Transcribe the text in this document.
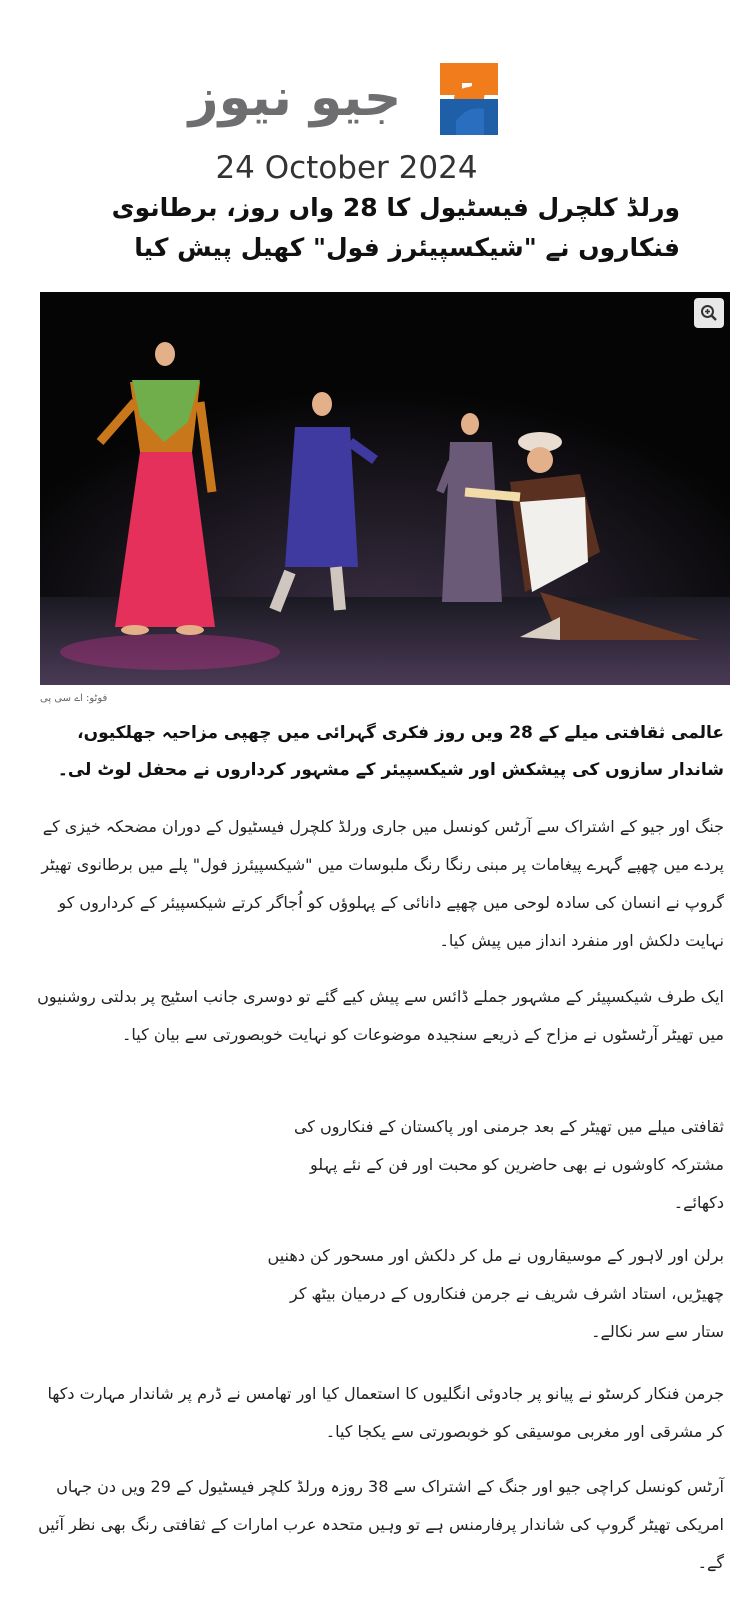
جیو نیوز
24 October 2024
ورلڈ کلچرل فیسٹیول کا 28 واں روز، برطانوی فنکاروں نے "شیکسپیئرز فول" کھیل پیش کیا
فوٹو: اے سی پی

عالمی ثقافتی میلے کے 28 ویں روز فکری گہرائی میں چھپی مزاحیہ جھلکیوں، شاندار سازوں کی پیشکش اور شیکسپیئر کے مشہور کرداروں نے محفل لوٹ لی۔

جنگ اور جیو کے اشتراک سے آرٹس کونسل میں جاری ورلڈ کلچرل فیسٹیول کے دوران مضحکہ خیزی کے پردے میں چھپے گہرے پیغامات پر مبنی رنگا رنگ ملبوسات میں "شیکسپیئرز فول" پلے میں برطانوی تھیٹر گروپ نے انسان کی سادہ لوحی میں چھپے دانائی کے پہلوؤں کو اُجاگر کرتے شیکسپیئر کے کرداروں کو نہایت دلکش اور منفرد انداز میں پیش کیا۔

ایک طرف شیکسپیئر کے مشہور جملے ڈائس سے پیش کیے گئے تو دوسری جانب اسٹیج پر بدلتی روشنیوں میں تھیٹر آرٹسٹوں نے مزاح کے ذریعے سنجیدہ موضوعات کو نہایت خوبصورتی سے بیان کیا۔

ثقافتی میلے میں تھیٹر کے بعد جرمنی اور پاکستان کے فنکاروں کی مشترکہ کاوشوں نے بھی حاضرین کو محبت اور فن کے نئے پہلو دکھائے۔

برلن اور لاہور کے موسیقاروں نے مل کر دلکش اور مسحور کن دھنیں چھیڑیں، استاد اشرف شریف نے جرمن فنکاروں کے درمیان بیٹھ کر ستار سے سر نکالے۔

جرمن فنکار کرسٹو نے پیانو پر جادوئی انگلیوں کا استعمال کیا اور تھامس نے ڈرم پر شاندار مہارت دکھا کر مشرقی اور مغربی موسیقی کو خوبصورتی سے یکجا کیا۔

آرٹس کونسل کراچی جیو اور جنگ کے اشتراک سے 38 روزہ ورلڈ کلچر فیسٹیول کے 29 ویں دن جہاں امریکی تھیٹر گروپ کی شاندار پرفارمنس ہے تو وہیں متحدہ عرب امارات کے ثقافتی رنگ بھی نظر آئیں گے۔
